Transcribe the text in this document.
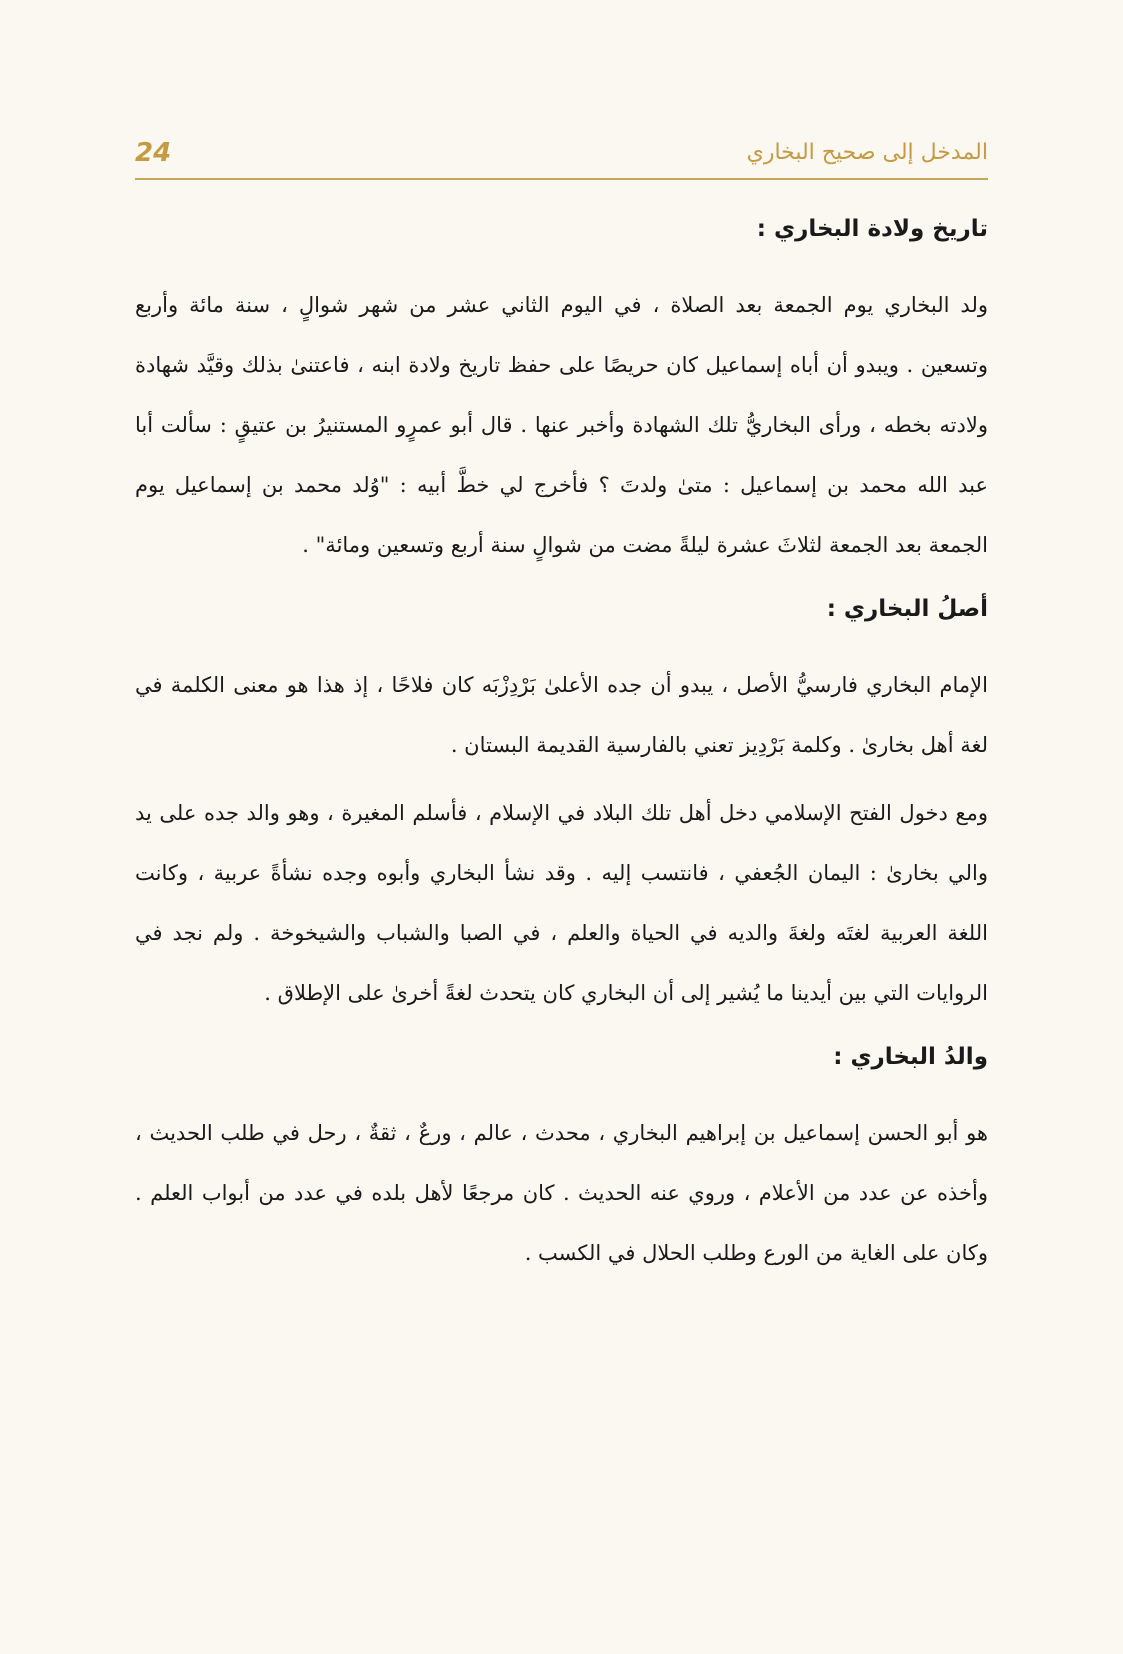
24	المدخل إلى صحيح البخاري
تاريخ ولادة البخاري :

ولد البخاري يوم الجمعة بعد الصلاة ، في اليوم الثاني عشر من شهر شوالٍ ، سنة مائة وأربع وتسعين . ويبدو أن أباه إسماعيل كان حريصًا على حفظ تاريخ ولادة ابنه ، فاعتنىٰ بذلك وقيَّد شهادة ولادته بخطه ، ورأى البخاريُّ تلك الشهادة وأخبر عنها . قال أبو عمرٍو المستنيرُ بن عتيقٍ : سألت أبا عبد الله محمد بن إسماعيل : متىٰ ولدتَ ؟ فأخرج لي خطَّ أبيه : "وُلد محمد بن إسماعيل يوم الجمعة بعد الجمعة لثلاثَ عشرة ليلةً مضت من شوالٍ سنة أربع وتسعين ومائة" .

أصلُ البخاري :

الإمام البخاري فارسيُّ الأصل ، يبدو أن جده الأعلىٰ بَرْدِزْبَه كان فلاحًا ، إذ هذا هو معنى الكلمة في لغة أهل بخارىٰ . وكلمة بَرْدِيز تعني بالفارسية القديمة البستان .

ومع دخول الفتح الإسلامي دخل أهل تلك البلاد في الإسلام ، فأسلم المغيرة ، وهو والد جده على يد والي بخارىٰ : اليمان الجُعفي ، فانتسب إليه . وقد نشأ البخاري وأبوه وجده نشأةً عربية ، وكانت اللغة العربية لغتَه ولغةَ والديه في الحياة والعلم ، في الصبا والشباب والشيخوخة . ولم نجد في الروايات التي بين أيدينا ما يُشير إلى أن البخاري كان يتحدث لغةً أخرىٰ على الإطلاق .

والدُ البخاري :

هو أبو الحسن إسماعيل بن إبراهيم البخاري ، محدث ، عالم ، ورعٌ ، ثقةٌ ، رحل في طلب الحديث ، وأخذه عن عدد من الأعلام ، وروي عنه الحديث . كان مرجعًا لأهل بلده في عدد من أبواب العلم . وكان على الغاية من الورع وطلب الحلال في الكسب .
